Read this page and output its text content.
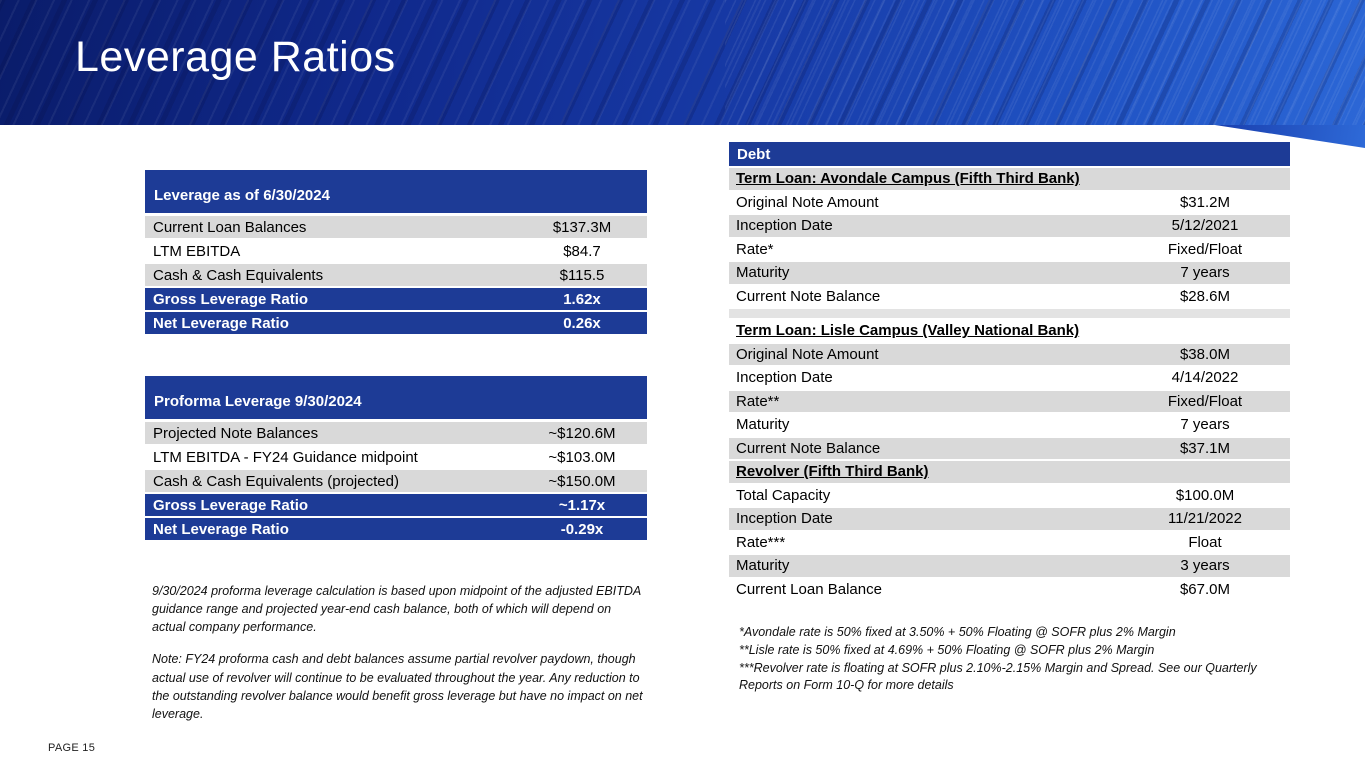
Leverage Ratios
Leverage as of 6/30/2024
Current Loan Balances	$137.3M
LTM EBITDA	$84.7
Cash & Cash Equivalents	$115.5
Gross Leverage Ratio	1.62x
Net Leverage Ratio	0.26x
Proforma Leverage 9/30/2024
Projected Note Balances	~$120.6M
LTM EBITDA - FY24 Guidance midpoint	~$103.0M
Cash & Cash Equivalents (projected)	~$150.0M
Gross Leverage Ratio	~1.17x
Net Leverage Ratio	-0.29x

9/30/2024 proforma leverage calculation is based upon midpoint of the adjusted EBITDA guidance range and projected year-end cash balance, both of which will depend on actual company performance.

Note: FY24 proforma cash and debt balances assume partial revolver paydown, though actual use of revolver will continue to be evaluated throughout the year. Any reduction to the outstanding revolver balance would benefit gross leverage but have no impact on net leverage.

Debt
Term Loan: Avondale Campus (Fifth Third Bank)
Original Note Amount	$31.2M
Inception Date	5/12/2021
Rate*	Fixed/Float
Maturity	7 years
Current Note Balance	$28.6M
Term Loan: Lisle Campus (Valley National Bank)
Original Note Amount	$38.0M
Inception Date	4/14/2022
Rate**	Fixed/Float
Maturity	7 years
Current Note Balance	$37.1M
Revolver (Fifth Third Bank)
Total Capacity	$100.0M
Inception Date	11/21/2022
Rate***	Float
Maturity	3 years
Current Loan Balance	$67.0M

*Avondale rate is 50% fixed at 3.50% + 50% Floating @ SOFR plus 2% Margin

**Lisle rate is 50% fixed at 4.69% + 50% Floating @ SOFR plus 2% Margin

***Revolver rate is floating at SOFR plus 2.10%-2.15% Margin and Spread. See our Quarterly Reports on Form 10-Q for more details

PAGE 15
